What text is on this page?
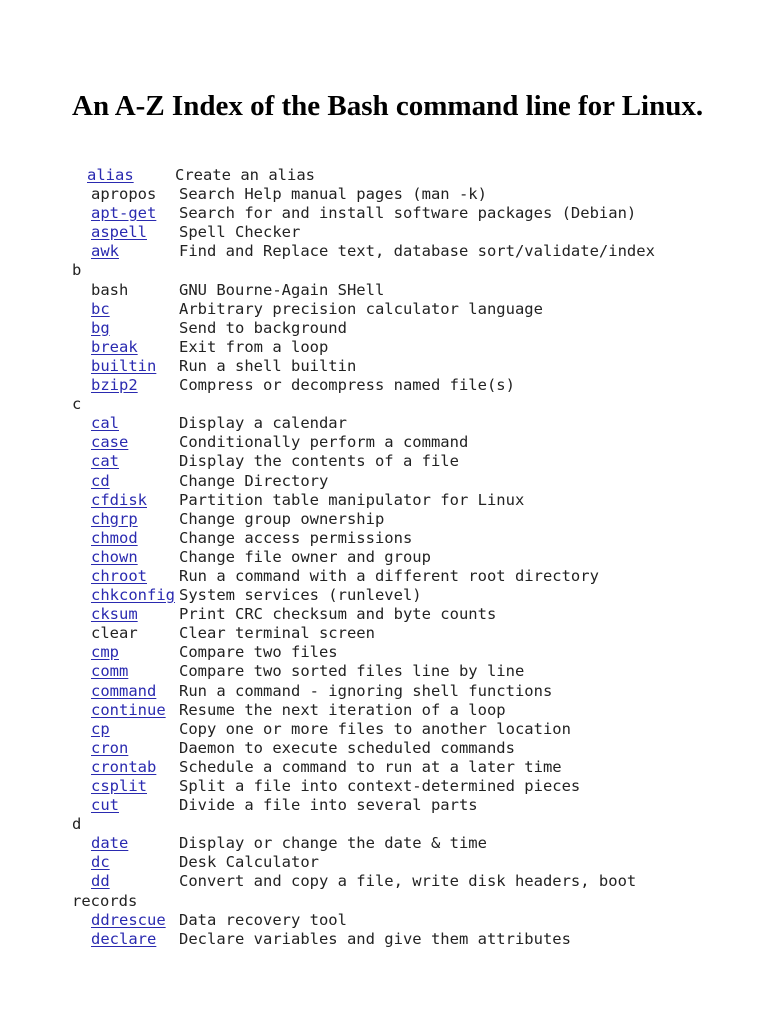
An A-Z Index of the Bash command line for Linux.
alias	Create an alias
apropos Search Help manual pages (man -k)
apt-get Search for and install software packages (Debian)
aspell Spell Checker
awk	Find and Replace text, database sort/validate/index
b
bash	GNU Bourne-Again SHell
bc	Arbitrary precision calculator language
bg	Send to background
break	Exit from a loop
builtin Run a shell builtin
bzip2	Compress or decompress named file(s)
c
cal	Display a calendar
case	Conditionally perform a command
cat	Display the contents of a file
cd	Change Directory
cfdisk Partition table manipulator for Linux
chgrp	Change group ownership
chmod	Change access permissions
chown	Change file owner and group
chroot Run a command with a different root directory
chkconfig System services (runlevel)
cksum	Print CRC checksum and byte counts
clear	Clear terminal screen
cmp	Compare two files
comm	Compare two sorted files line by line
command Run a command - ignoring shell functions
continue Resume the next iteration of a loop
cp	Copy one or more files to another location
cron	Daemon to execute scheduled commands
crontab Schedule a command to run at a later time
csplit Split a file into context-determined pieces
cut	Divide a file into several parts
d
date	Display or change the date & time
dc	Desk Calculator
dd	Convert and copy a file, write disk headers, boot
records
ddrescue Data recovery tool
declare Declare variables and give them attributes
